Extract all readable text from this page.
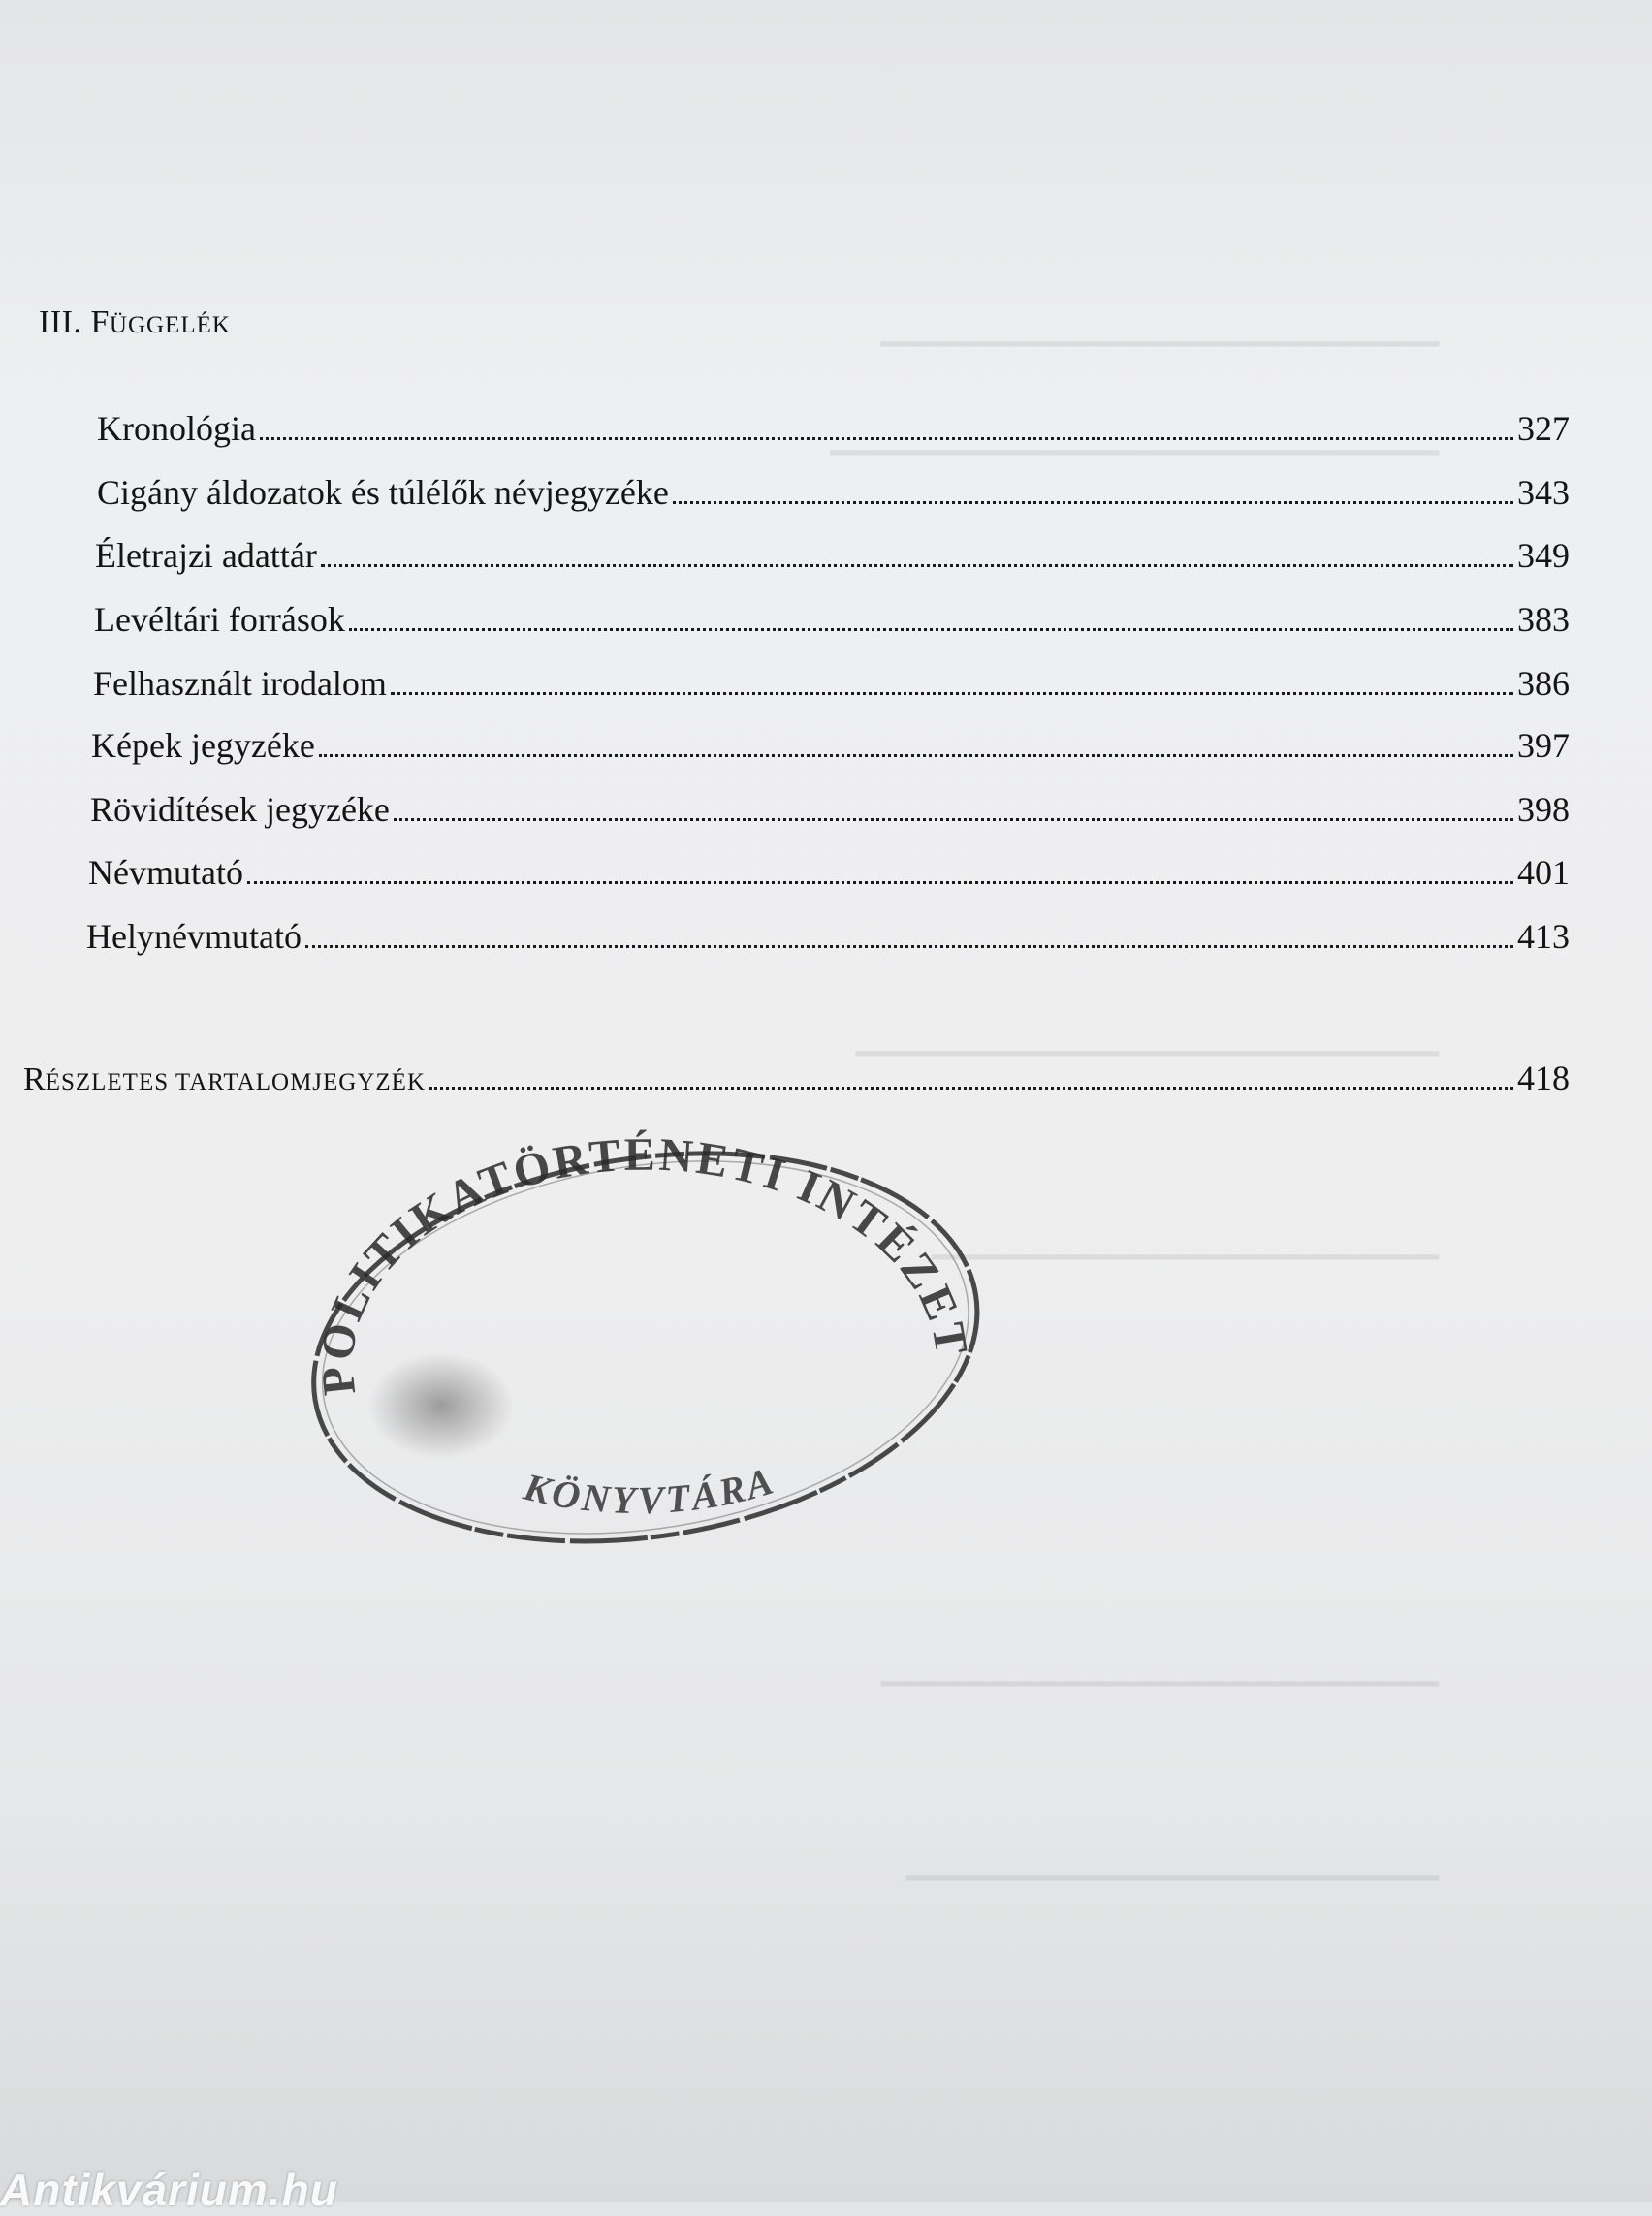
▁▁▁▁▁▁▁▁▁▁▁▁▁▁▁▁▁▁▁▁▁▁
▁▁▁▁▁▁▁▁▁▁▁▁▁▁▁▁▁▁▁▁▁▁▁▁
▁▁▁▁▁▁▁▁▁▁▁▁▁▁▁▁▁▁▁▁▁▁▁
▁▁▁▁▁▁▁▁▁▁▁▁▁▁▁▁▁▁▁▁
▁▁▁▁▁▁▁▁▁▁▁▁▁▁▁▁▁▁▁▁▁▁
▁▁▁▁▁▁▁▁▁▁▁▁▁▁▁▁▁▁▁▁▁
III. FÜGGELÉK
Kronológia	327
Cigány áldozatok és túlélők névjegyzéke	343
Életrajzi adattár	349
Levéltári források	383
Felhasznált irodalom	386
Képek jegyzéke	397
Rövidítések jegyzéke	398
Névmutató	401
Helynévmutató	413
RÉSZLETES TARTALOMJEGYZÉK	418
POLITIKATÖRTÉNETI INTÉZET
KÖNYVTÁRA
Antikvárium.hu
